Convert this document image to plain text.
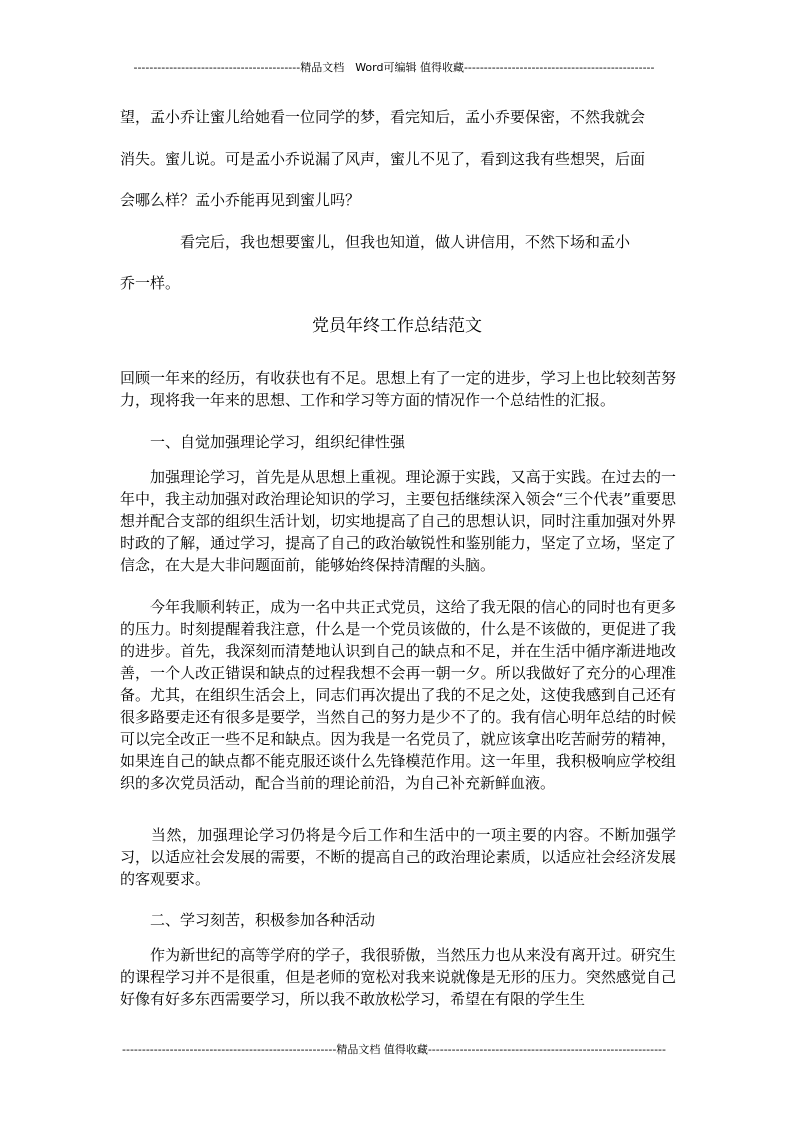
------------------------------------------精品文档　Word可编辑 值得收藏------------------------------------------------
望，孟小乔让蜜儿给她看一位同学的梦，看完知后，孟小乔要保密，不然我就会
消失。蜜儿说。可是孟小乔说漏了风声，蜜儿不见了，看到这我有些想哭，后面
会哪么样？孟小乔能再见到蜜儿吗？
　　　　看完后，我也想要蜜儿，但我也知道，做人讲信用，不然下场和孟小
乔一样。
党员年终工作总结范文

回顾一年来的经历，有收获也有不足。思想上有了一定的进步，学习上也比较刻苦努力，现将我一年来的思想、工作和学习等方面的情况作一个总结性的汇报。

　　一、自觉加强理论学习，组织纪律性强

　　加强理论学习，首先是从思想上重视。理论源于实践，又高于实践。在过去的一年中，我主动加强对政治理论知识的学习，主要包括继续深入领会“三个代表”重要思想并配合支部的组织生活计划，切实地提高了自己的思想认识，同时注重加强对外界时政的了解，通过学习，提高了自己的政治敏锐性和鉴别能力，坚定了立场，坚定了信念，在大是大非问题面前，能够始终保持清醒的头脑。

　　今年我顺利转正，成为一名中共正式党员，这给了我无限的信心的同时也有更多的压力。时刻提醒着我注意，什么是一个党员该做的，什么是不该做的，更促进了我的进步。首先，我深刻而清楚地认识到自己的缺点和不足，并在生活中循序渐进地改善，一个人改正错误和缺点的过程我想不会再一朝一夕。所以我做好了充分的心理准备。尤其，在组织生活会上，同志们再次提出了我的不足之处，这使我感到自己还有很多路要走还有很多是要学，当然自己的努力是少不了的。我有信心明年总结的时候可以完全改正一些不足和缺点。因为我是一名党员了，就应该拿出吃苦耐劳的精神，如果连自己的缺点都不能克服还谈什么先锋模范作用。这一年里，我积极响应学校组织的多次党员活动，配合当前的理论前沿，为自己补充新鲜血液。

　　当然，加强理论学习仍将是今后工作和生活中的一项主要的内容。不断加强学习，以适应社会发展的需要，不断的提高自己的政治理论素质，以适应社会经济发展的客观要求。

　　二、学习刻苦，积极参加各种活动

　　作为新世纪的高等学府的学子，我很骄傲，当然压力也从来没有离开过。研究生的课程学习并不是很重，但是老师的宽松对我来说就像是无形的压力。突然感觉自己好像有好多东西需要学习，所以我不敢放松学习，希望在有限的学生生

------------------------------------------------------精品文档 值得收藏------------------------------------------------------------
